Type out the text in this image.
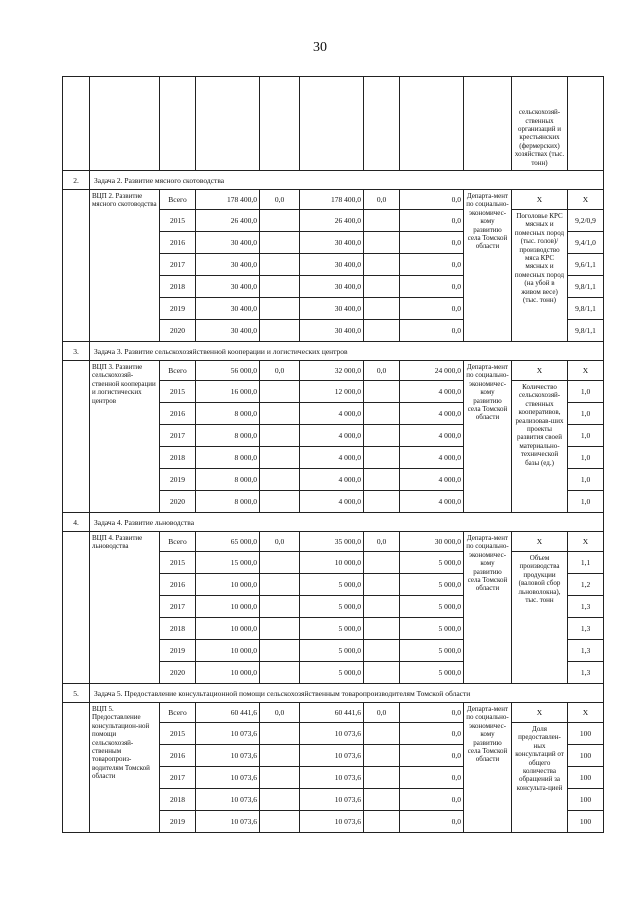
30
									сельскохозяй-ственных организаций и крестьянских (фермерских) хозяйствах (тыс. тонн)	
2.	Задача 2. Развитие мясного скотоводства									
	ВЦП 2. Развитие мясного скотоводства	Всего	178 400,0	0,0	178 400,0	0,0	0,0	Департа-мент по социально-экономичес-кому развитию села Томской области	Х	Х
		2015	26 400,0		26 400,0		0,0		Поголовье КРС мясных и помесных пород (тыс. голов)/ производство мяса КРС мясных и помесных пород (на убой в живом весе) (тыс. тонн)	9,2/0,9
		2016	30 400,0		30 400,0		0,0			9,4/1,0
		2017	30 400,0		30 400,0		0,0			9,6/1,1
		2018	30 400,0		30 400,0		0,0			9,8/1,1
		2019	30 400,0		30 400,0		0,0			9,8/1,1
		2020	30 400,0		30 400,0		0,0			9,8/1,1
3.	Задача 3. Развитие сельскохозяйственной кооперации и логистических центров									
	ВЦП 3. Развитие сельскохозяй-ственной кооперации и логистических центров	Всего	56 000,0	0,0	32 000,0	0,0	24 000,0	Департа-мент по социально-экономичес-кому развитию села Томской области	Х	Х
		2015	16 000,0		12 000,0		4 000,0		Количество сельскохозяй-ственных кооперативов, реализовав-ших проекты развития своей материально-технической базы (ед.)	1,0
		2016	8 000,0		4 000,0		4 000,0			1,0
		2017	8 000,0		4 000,0		4 000,0			1,0
		2018	8 000,0		4 000,0		4 000,0			1,0
		2019	8 000,0		4 000,0		4 000,0			1,0
		2020	8 000,0		4 000,0		4 000,0			1,0
4.	Задача 4. Развитие льноводства									
	ВЦП 4. Развитие льноводства	Всего	65 000,0	0,0	35 000,0	0,0	30 000,0	Департа-мент по социально-экономичес-кому развитию села Томской области	Х	Х
		2015	15 000,0		10 000,0		5 000,0		Объем производства продукции (валовой сбор льноволокна), тыс. тонн	1,1
		2016	10 000,0		5 000,0		5 000,0			1,2
		2017	10 000,0		5 000,0		5 000,0			1,3
		2018	10 000,0		5 000,0		5 000,0			1,3
		2019	10 000,0		5 000,0		5 000,0			1,3
		2020	10 000,0		5 000,0		5 000,0			1,3
5.	Задача 5. Предоставление консультационной помощи сельскохозяйственным товаропроизводителям Томской области									
	ВЦП 5. Предоставление консультацион-ной помощи сельскохозяй-ственным товаропроиз-водителям Томской области	Всего	60 441,6	0,0	60 441,6	0,0	0,0	Департа-мент по социально-экономичес-кому развитию села Томской области	Х	Х
		2015	10 073,6		10 073,6		0,0		Доля предоставлен-ных консультаций от общего количества обращений за консульта-цией	100
		2016	10 073,6		10 073,6		0,0			100
		2017	10 073,6		10 073,6		0,0			100
		2018	10 073,6		10 073,6		0,0			100
		2019	10 073,6		10 073,6		0,0			100
